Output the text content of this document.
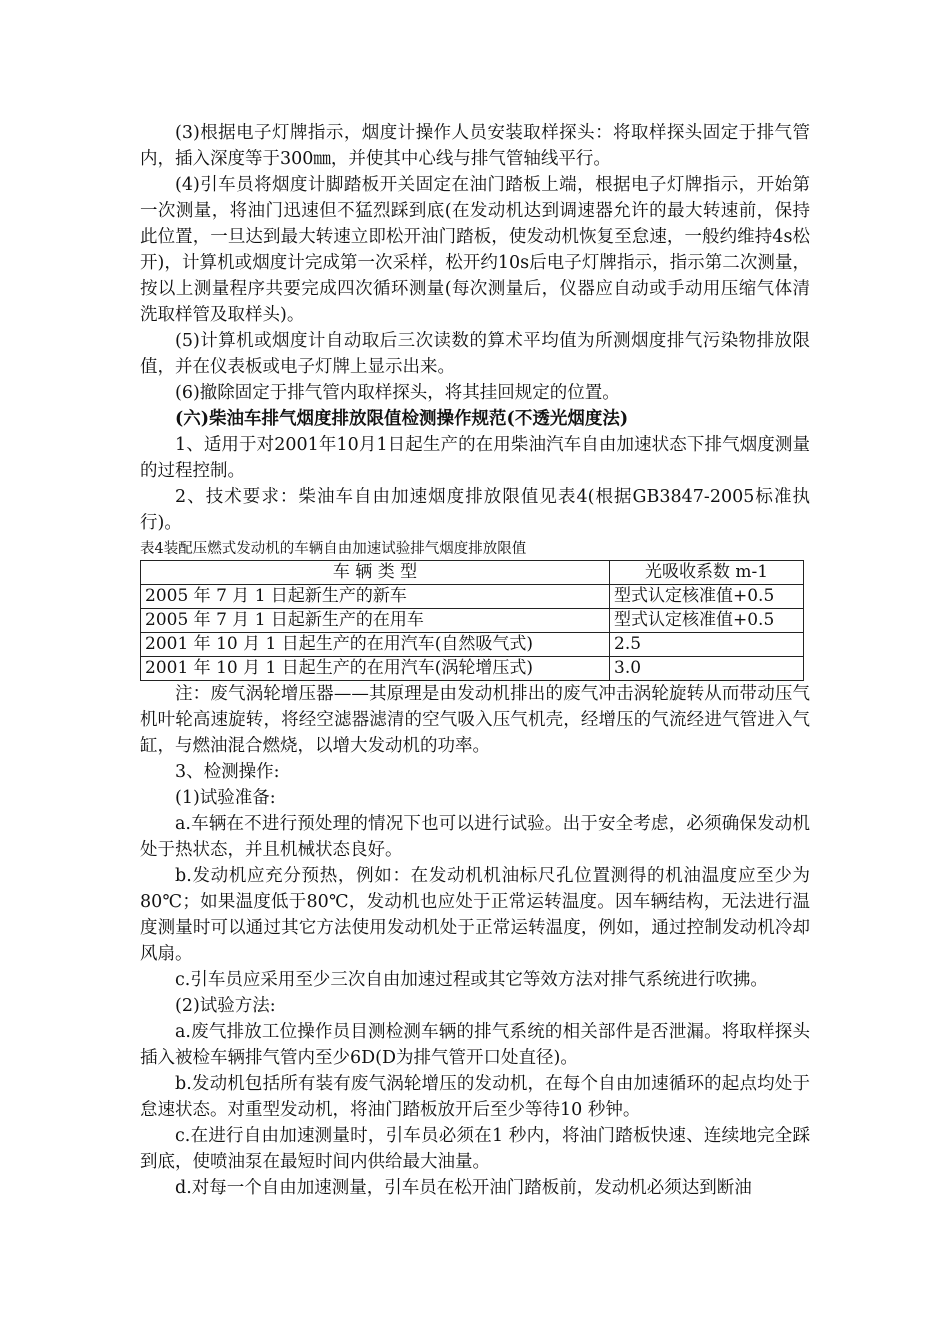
(3)根据电子灯牌指示，烟度计操作人员安装取样探头：将取样探头固定于排气管内，插入深度等于300㎜，并使其中心线与排气管轴线平行。

(4)引车员将烟度计脚踏板开关固定在油门踏板上端，根据电子灯牌指示，开始第一次测量，将油门迅速但不猛烈踩到底(在发动机达到调速器允许的最大转速前，保持此位置，一旦达到最大转速立即松开油门踏板，使发动机恢复至怠速，一般约维持4s松开)，计算机或烟度计完成第一次采样，松开约10s后电子灯牌指示，指示第二次测量，按以上测量程序共要完成四次循环测量(每次测量后，仪器应自动或手动用压缩气体清洗取样管及取样头)。

(5)计算机或烟度计自动取后三次读数的算术平均值为所测烟度排气污染物排放限值，并在仪表板或电子灯牌上显示出来。

(6)撤除固定于排气管内取样探头，将其挂回规定的位置。

(六)柴油车排气烟度排放限值检测操作规范(不透光烟度法)

1、适用于对2001年10月1日起生产的在用柴油汽车自由加速状态下排气烟度测量的过程控制。

2、技术要求：柴油车自由加速烟度排放限值见表4(根据GB3847-2005标准执行)。

表4装配压燃式发动机的车辆自由加速试验排气烟度排放限值

车 辆 类 型	光吸收系数 m-1
2005 年 7 月 1 日起新生产的新车	型式认定核准值+0.5
2005 年 7 月 1 日起新生产的在用车	型式认定核准值+0.5
2001 年 10 月 1 日起生产的在用汽车(自然吸气式)	2.5
2001 年 10 月 1 日起生产的在用汽车(涡轮增压式)	3.0

注：废气涡轮增压器——其原理是由发动机排出的废气冲击涡轮旋转从而带动压气机叶轮高速旋转，将经空滤器滤清的空气吸入压气机壳，经增压的气流经进气管进入气缸，与燃油混合燃烧，以增大发动机的功率。

3、检测操作:

(1)试验准备:

a.车辆在不进行预处理的情况下也可以进行试验。出于安全考虑，必须确保发动机处于热状态，并且机械状态良好。

b.发动机应充分预热，例如：在发动机机油标尺孔位置测得的机油温度应至少为80℃；如果温度低于80℃，发动机也应处于正常运转温度。因车辆结构，无法进行温度测量时可以通过其它方法使用发动机处于正常运转温度，例如，通过控制发动机冷却风扇。

c.引车员应采用至少三次自由加速过程或其它等效方法对排气系统进行吹拂。

(2)试验方法:

a.废气排放工位操作员目测检测车辆的排气系统的相关部件是否泄漏。将取样探头插入被检车辆排气管内至少6D(D为排气管开口处直径)。

b.发动机包括所有装有废气涡轮增压的发动机，在每个自由加速循环的起点均处于怠速状态。对重型发动机，将油门踏板放开后至少等待10 秒钟。

c.在进行自由加速测量时，引车员必须在1 秒内，将油门踏板快速、连续地完全踩到底，使喷油泵在最短时间内供给最大油量。

d.对每一个自由加速测量，引车员在松开油门踏板前，发动机必须达到断油
